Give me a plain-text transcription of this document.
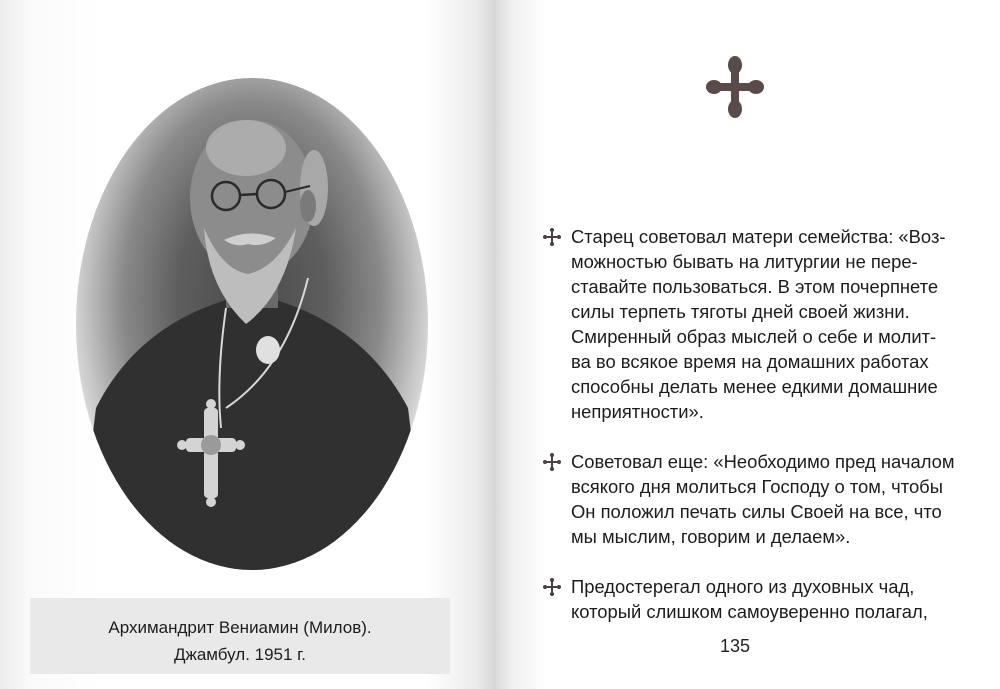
Архимандрит Вениамин (Милов).
Джамбул. 1951 г.
Старец советовал матери семейства: «Воз-
можностью бывать на литургии не пере-
ставайте пользоваться. В этом почерпнете
силы терпеть тяготы дней своей жизни.
Смиренный образ мыслей о себе и молит-
ва во всякое время на домашних работах
способны делать менее едкими домашние
неприятности».
Советовал еще: «Необходимо пред началом
всякого дня молиться Господу о том, чтобы
Он положил печать силы Своей на все, что
мы мыслим, говорим и делаем».
Предостерегал одного из духовных чад,
который слишком самоуверенно полагал,
135
